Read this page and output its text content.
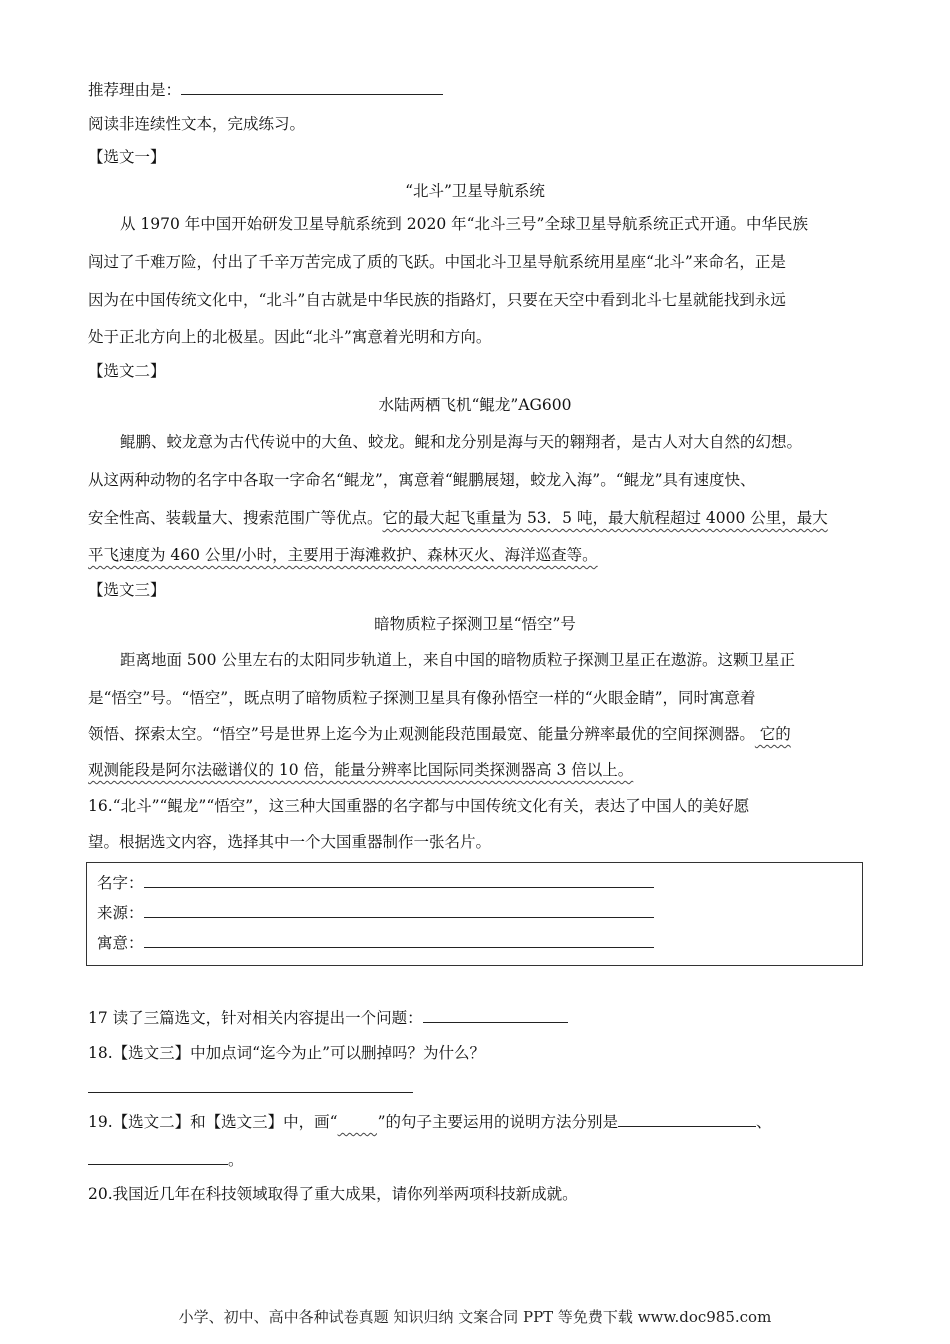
推荐理由是：
阅读非连续性文本，完成练习。
【选文一】
“北斗”卫星导航系统
从 1970 年中国开始研发卫星导航系统到 2020 年“北斗三号”全球卫星导航系统正式开通。中华民族
闯过了千难万险，付出了千辛万苦完成了质的飞跃。中国北斗卫星导航系统用星座“北斗”来命名，正是
因为在中国传统文化中，“北斗”自古就是中华民族的指路灯，只要在天空中看到北斗七星就能找到永远
处于正北方向上的北极星。因此“北斗”寓意着光明和方向。
【选文二】
水陆两栖飞机“鲲龙”AG600
鲲鹏、蛟龙意为古代传说中的大鱼、蛟龙。鲲和龙分别是海与天的翱翔者，是古人对大自然的幻想。
从这两种动物的名字中各取一字命名“鲲龙”，寓意着“鲲鹏展翅，蛟龙入海”。“鲲龙”具有速度快、
安全性高、装载量大、搜索范围广等优点。它的最大起飞重量为 53．5 吨，最大航程超过 4000 公里，最大
平飞速度为 460 公里/小时，主要用于海滩救护、森林灭火、海洋巡查等。
【选文三】
暗物质粒子探测卫星“悟空”号
距离地面 500 公里左右的太阳同步轨道上，来自中国的暗物质粒子探测卫星正在遨游。这颗卫星正
是“悟空”号。“悟空”，既点明了暗物质粒子探测卫星具有像孙悟空一样的“火眼金睛”，同时寓意着
领悟、探索太空。“悟空”号是世界上迄今为止观测能段范围最宽、能量分辨率最优的空间探测器。 它的
观测能段是阿尔法磁谱仪的 10 倍，能量分辨率比国际同类探测器高 3 倍以上。
16.“北斗”“鲲龙”“悟空”，这三种大国重器的名字都与中国传统文化有关，表达了中国人的美好愿
望。根据选文内容，选择其中一个大国重器制作一张名片。
名字：
来源：
寓意：
17 读了三篇选文，针对相关内容提出一个问题：
18.【选文三】中加点词“迄今为止”可以删掉吗？为什么？
19.【选文二】和【选文三】中，画“	”的句子主要运用的说明方法分别是	、
。
20.我国近几年在科技领域取得了重大成果，请你列举两项科技新成就。
小学、初中、高中各种试卷真题 知识归纳 文案合同 PPT 等免费下载 www.doc985.com
